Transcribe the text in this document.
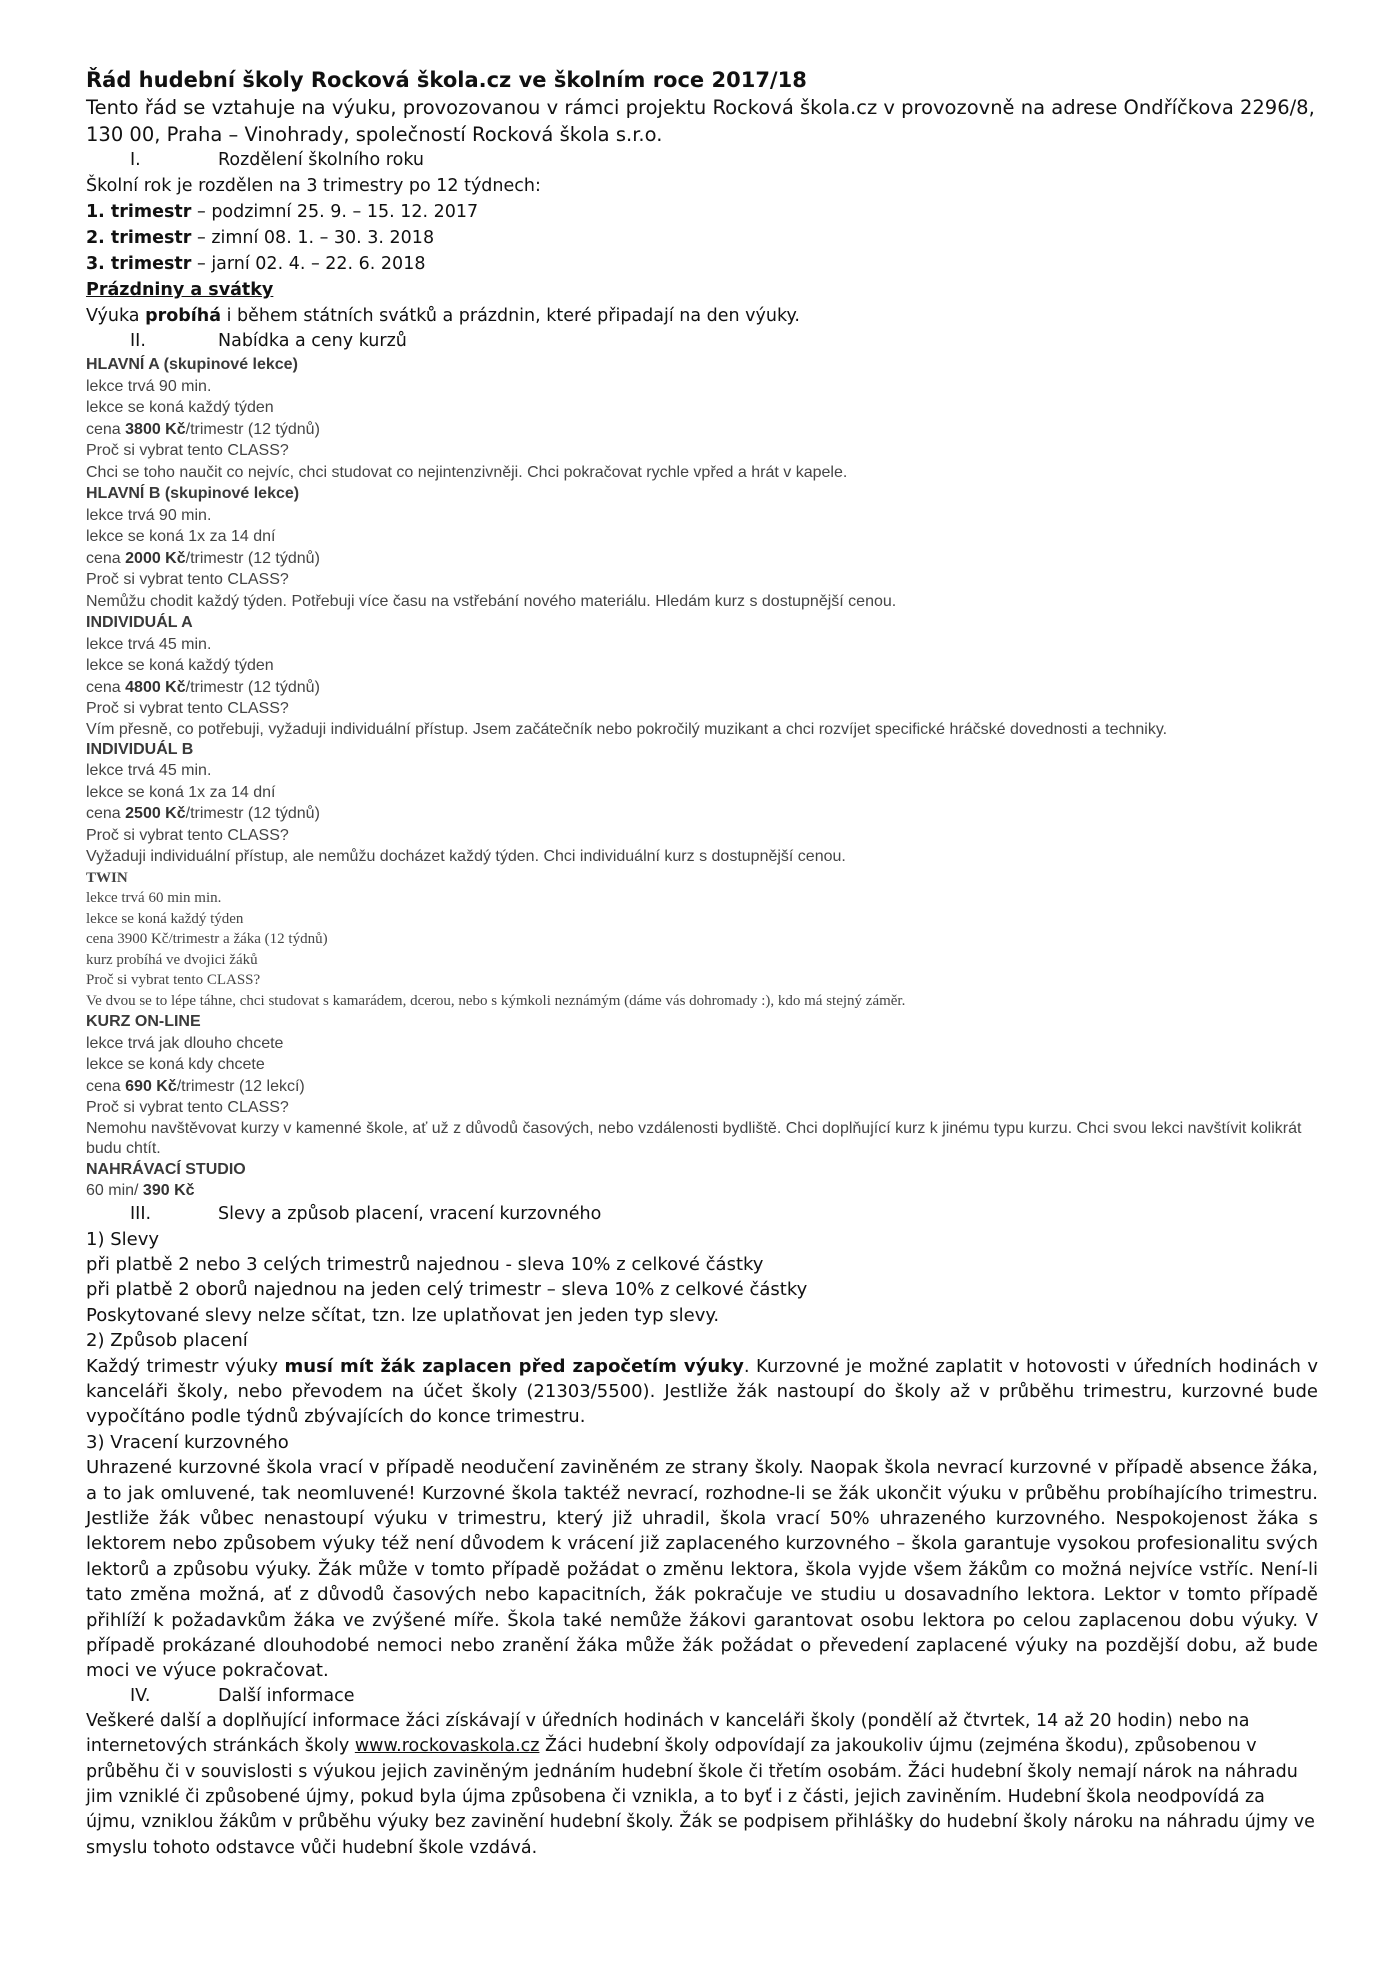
Řád hudební školy Rocková škola.cz ve školním roce 2017/18

Tento řád se vztahuje na výuku, provozovanou v rámci projektu Rocková škola.cz v provozovně na adrese Ondříčkova 2296/8, 130 00, Praha – Vinohrady, společností Rocková škola s.r.o.

I.	Rozdělení školního roku

Školní rok je rozdělen na 3 trimestry po 12 týdnech:

1. trimestr – podzimní 25. 9. – 15. 12. 2017

2. trimestr – zimní 08. 1. – 30. 3. 2018

3. trimestr – jarní 02. 4. – 22. 6. 2018

Prázdniny a svátky

Výuka probíhá i během státních svátků a prázdnin, které připadají na den výuky.

II.	Nabídka a ceny kurzů

HLAVNÍ A (skupinové lekce)

lekce trvá 90 min.

lekce se koná každý týden

cena 3800 Kč/trimestr (12 týdnů)

Proč si vybrat tento CLASS?

Chci se toho naučit co nejvíc, chci studovat co nejintenzivněji. Chci pokračovat rychle vpřed a hrát v kapele.

HLAVNÍ B (skupinové lekce)

lekce trvá 90 min.

lekce se koná 1x za 14 dní

cena 2000 Kč/trimestr (12 týdnů)

Proč si vybrat tento CLASS?

Nemůžu chodit každý týden. Potřebuji více času na vstřebání nového materiálu. Hledám kurz s dostupnější cenou.

INDIVIDUÁL A

lekce trvá 45 min.

lekce se koná každý týden

cena 4800 Kč/trimestr (12 týdnů)

Proč si vybrat tento CLASS?

Vím přesně, co potřebuji, vyžaduji individuální přístup. Jsem začátečník nebo pokročilý muzikant a chci rozvíjet specifické hráčské dovednosti a techniky.

INDIVIDUÁL B

lekce trvá 45 min.

lekce se koná 1x za 14 dní

cena 2500 Kč/trimestr (12 týdnů)

Proč si vybrat tento CLASS?

Vyžaduji individuální přístup, ale nemůžu docházet každý týden. Chci individuální kurz s dostupnější cenou.

TWIN

lekce trvá 60 min min.

lekce se koná každý týden

cena 3900 Kč/trimestr a žáka (12 týdnů)

kurz probíhá ve dvojici žáků

Proč si vybrat tento CLASS?

Ve dvou se to lépe táhne, chci studovat s kamarádem, dcerou, nebo s kýmkoli neznámým (dáme vás dohromady :), kdo má stejný záměr.

KURZ ON-LINE

lekce trvá jak dlouho chcete

lekce se koná kdy chcete

cena 690 Kč/trimestr (12 lekcí)

Proč si vybrat tento CLASS?

Nemohu navštěvovat kurzy v kamenné škole, ať už z důvodů časových, nebo vzdálenosti bydliště. Chci doplňující kurz k jinému typu kurzu. Chci svou lekci navštívit kolikrát budu chtít.

NAHRÁVACÍ STUDIO

60 min/ 390 Kč

III.	Slevy a způsob placení, vracení kurzovného

1) Slevy

při platbě 2 nebo 3 celých trimestrů najednou - sleva 10% z celkové částky

při platbě 2 oborů najednou na jeden celý trimestr – sleva 10% z celkové částky

Poskytované slevy nelze sčítat, tzn. lze uplatňovat jen jeden typ slevy.

2) Způsob placení

Každý trimestr výuky musí mít žák zaplacen před započetím výuky. Kurzovné je možné zaplatit v hotovosti v úředních hodinách v kanceláři školy, nebo převodem na účet školy (21303/5500). Jestliže žák nastoupí do školy až v průběhu trimestru, kurzovné bude vypočítáno podle týdnů zbývajících do konce trimestru.

3) Vracení kurzovného

Uhrazené kurzovné škola vrací v případě neodučení zaviněném ze strany školy. Naopak škola nevrací kurzovné v případě absence žáka, a to jak omluvené, tak neomluvené! Kurzovné škola taktéž nevrací, rozhodne-li se žák ukončit výuku v průběhu probíhajícího trimestru. Jestliže žák vůbec nenastoupí výuku v trimestru, který již uhradil, škola vrací 50% uhrazeného kurzovného. Nespokojenost žáka s lektorem nebo způsobem výuky též není důvodem k vrácení již zaplaceného kurzovného – škola garantuje vysokou profesionalitu svých lektorů a způsobu výuky. Žák může v tomto případě požádat o změnu lektora, škola vyjde všem žákům co možná nejvíce vstříc. Není-li tato změna možná, ať z důvodů časových nebo kapacitních, žák pokračuje ve studiu u dosavadního lektora. Lektor v tomto případě přihlíží k požadavkům žáka ve zvýšené míře. Škola také nemůže žákovi garantovat osobu lektora po celou zaplacenou dobu výuky. V případě prokázané dlouhodobé nemoci nebo zranění žáka může žák požádat o převedení zaplacené výuky na pozdější dobu, až bude moci ve výuce pokračovat.

IV.	Další informace

Veškeré další a doplňující informace žáci získávají v úředních hodinách v kanceláři školy (pondělí až čtvrtek, 14 až 20 hodin) nebo na internetových stránkách školy www.rockovaskola.cz Žáci hudební školy odpovídají za jakoukoliv újmu (zejména škodu), způsobenou v průběhu či v souvislosti s výukou jejich zaviněným jednáním hudební škole či třetím osobám. Žáci hudební školy nemají nárok na náhradu jim vzniklé či způsobené újmy, pokud byla újma způsobena či vznikla, a to byť i z části, jejich zaviněním. Hudební škola neodpovídá za újmu, vzniklou žákům v průběhu výuky bez zavinění hudební školy. Žák se podpisem přihlášky do hudební školy nároku na náhradu újmy ve smyslu tohoto odstavce vůči hudební škole vzdává.
